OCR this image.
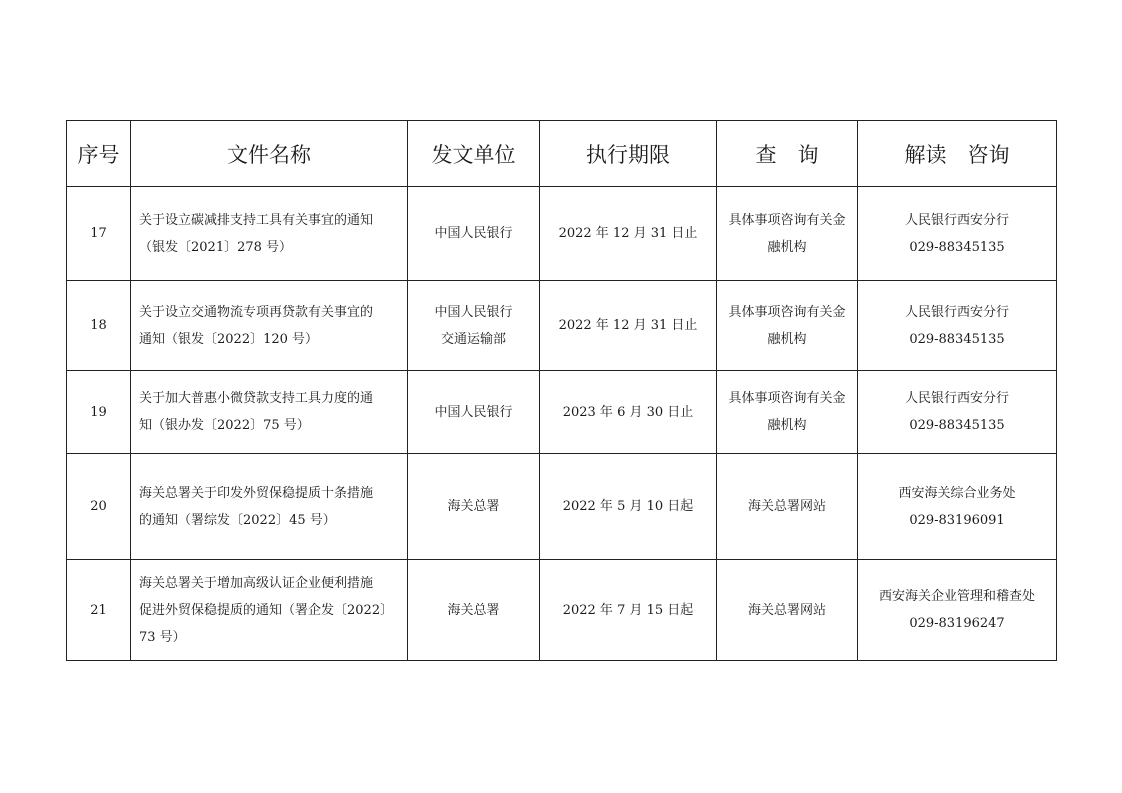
序号	文件名称	发文单位	执行期限	查　询	解读　咨询
17	关于设立碳减排支持工具有关事宜的通知
（银发〔2021〕278 号）	中国人民银行	2022 年 12 月 31 日止	具体事项咨询有关金
融机构	人民银行西安分行
029-88345135

18	关于设立交通物流专项再贷款有关事宜的
通知（银发〔2022〕120 号）	中国人民银行
交通运输部	2022 年 12 月 31 日止	具体事项咨询有关金
融机构	人民银行西安分行
029-88345135

19	关于加大普惠小微贷款支持工具力度的通
知（银办发〔2022〕75 号）	中国人民银行	2023 年 6 月 30 日止	具体事项咨询有关金
融机构	人民银行西安分行
029-88345135

20	海关总署关于印发外贸保稳提质十条措施
的通知（署综发〔2022〕45 号）	海关总署	2022 年 5 月 10 日起	海关总署网站	西安海关综合业务处
029-83196091

21	海关总署关于增加高级认证企业便利措施
促进外贸保稳提质的通知（署企发〔2022〕
73 号）	海关总署	2022 年 7 月 15 日起	海关总署网站	西安海关企业管理和稽查处
029-83196247
